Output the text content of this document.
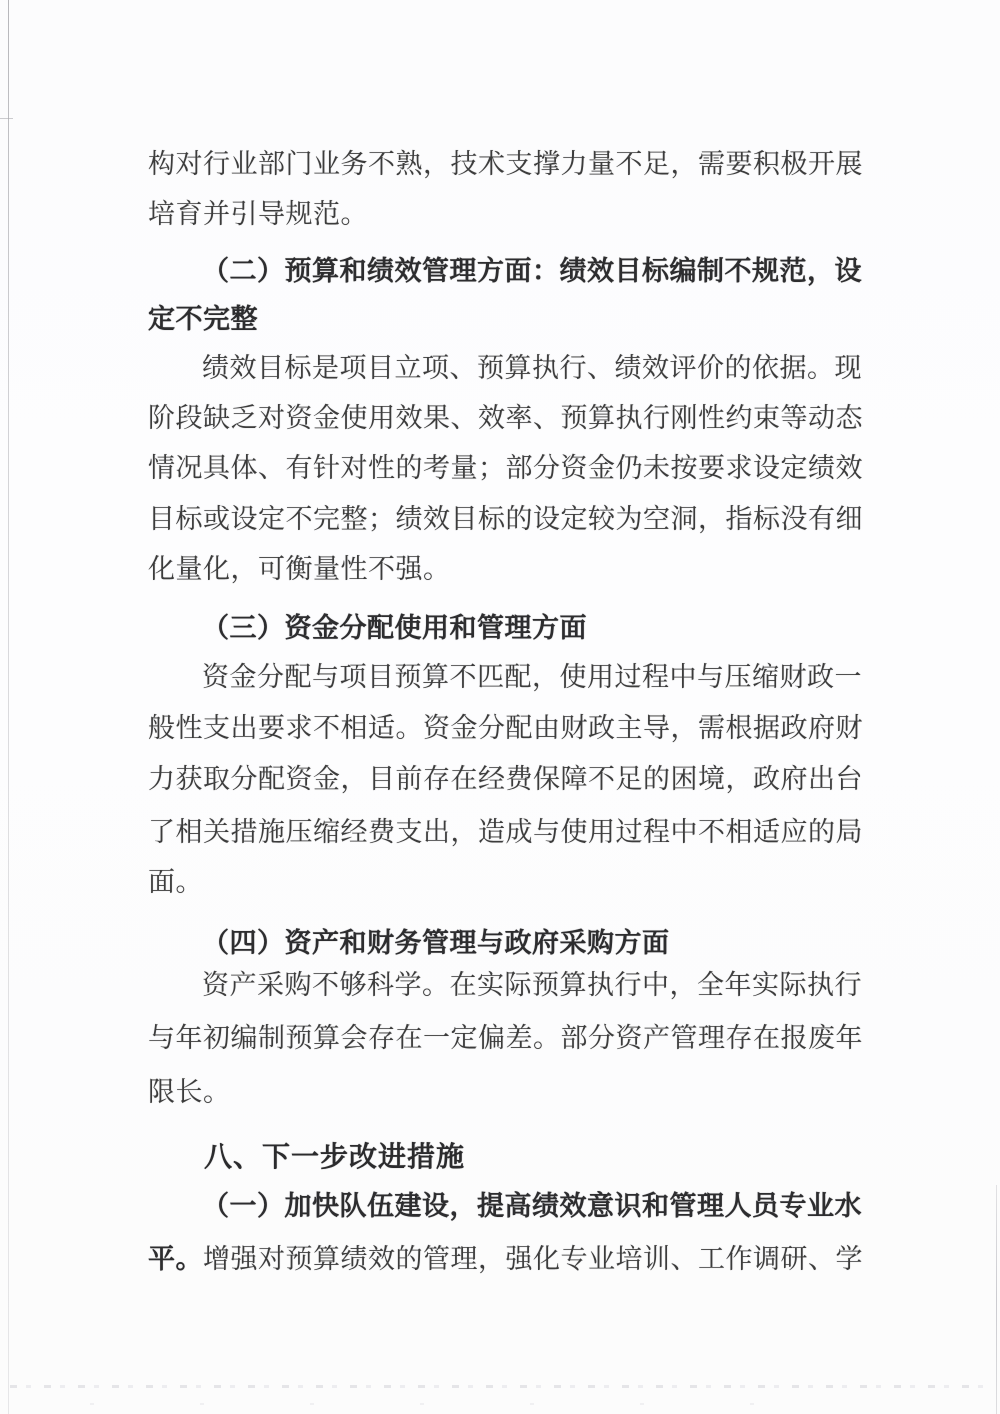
构对行业部门业务不熟，技术支撑力量不足，需要积极开展
培育并引导规范。
（二）预算和绩效管理方面：绩效目标编制不规范，设
定不完整
绩效目标是项目立项、预算执行、绩效评价的依据。现
阶段缺乏对资金使用效果、效率、预算执行刚性约束等动态
情况具体、有针对性的考量；部分资金仍未按要求设定绩效
目标或设定不完整；绩效目标的设定较为空洞，指标没有细
化量化，可衡量性不强。
（三）资金分配使用和管理方面
资金分配与项目预算不匹配，使用过程中与压缩财政一
般性支出要求不相适。资金分配由财政主导，需根据政府财
力获取分配资金，目前存在经费保障不足的困境，政府出台
了相关措施压缩经费支出，造成与使用过程中不相适应的局
面。
（四）资产和财务管理与政府采购方面
资产采购不够科学。在实际预算执行中，全年实际执行
与年初编制预算会存在一定偏差。部分资产管理存在报废年
限长。
八、下一步改进措施
（一）加快队伍建设，提高绩效意识和管理人员专业水
平。增强对预算绩效的管理，强化专业培训、工作调研、学
